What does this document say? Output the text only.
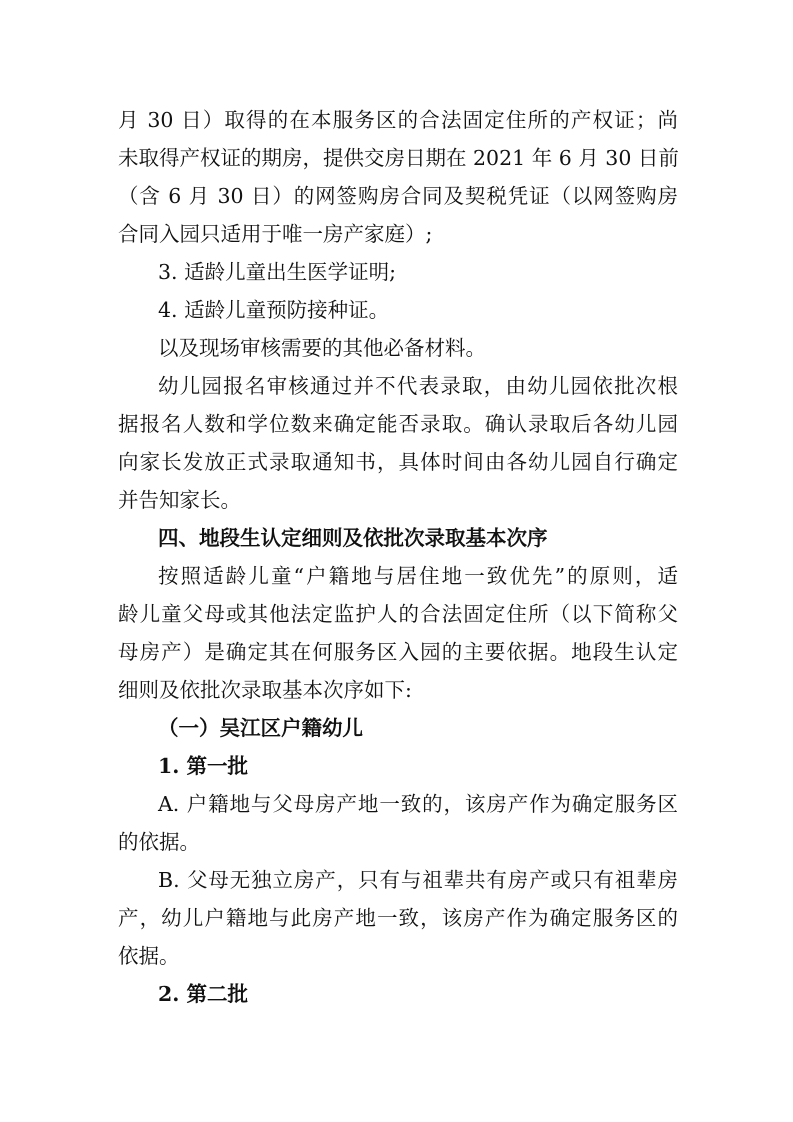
月 30 日）取得的在本服务区的合法固定住所的产权证；尚
未取得产权证的期房，提供交房日期在 2021 年 6 月 30 日前
（含 6 月 30 日）的网签购房合同及契税凭证（以网签购房
合同入园只适用于唯一房产家庭）;
3. 适龄儿童出生医学证明;
4. 适龄儿童预防接种证。
以及现场审核需要的其他必备材料。
幼儿园报名审核通过并不代表录取，由幼儿园依批次根
据报名人数和学位数来确定能否录取。确认录取后各幼儿园
向家长发放正式录取通知书，具体时间由各幼儿园自行确定
并告知家长。
四、地段生认定细则及依批次录取基本次序
按照适龄儿童“户籍地与居住地一致优先”的原则，适
龄儿童父母或其他法定监护人的合法固定住所（以下简称父
母房产）是确定其在何服务区入园的主要依据。地段生认定
细则及依批次录取基本次序如下:
（一）吴江区户籍幼儿
1. 第一批
A. 户籍地与父母房产地一致的，该房产作为确定服务区
的依据。
B. 父母无独立房产，只有与祖辈共有房产或只有祖辈房
产，幼儿户籍地与此房产地一致，该房产作为确定服务区的
依据。
2. 第二批
